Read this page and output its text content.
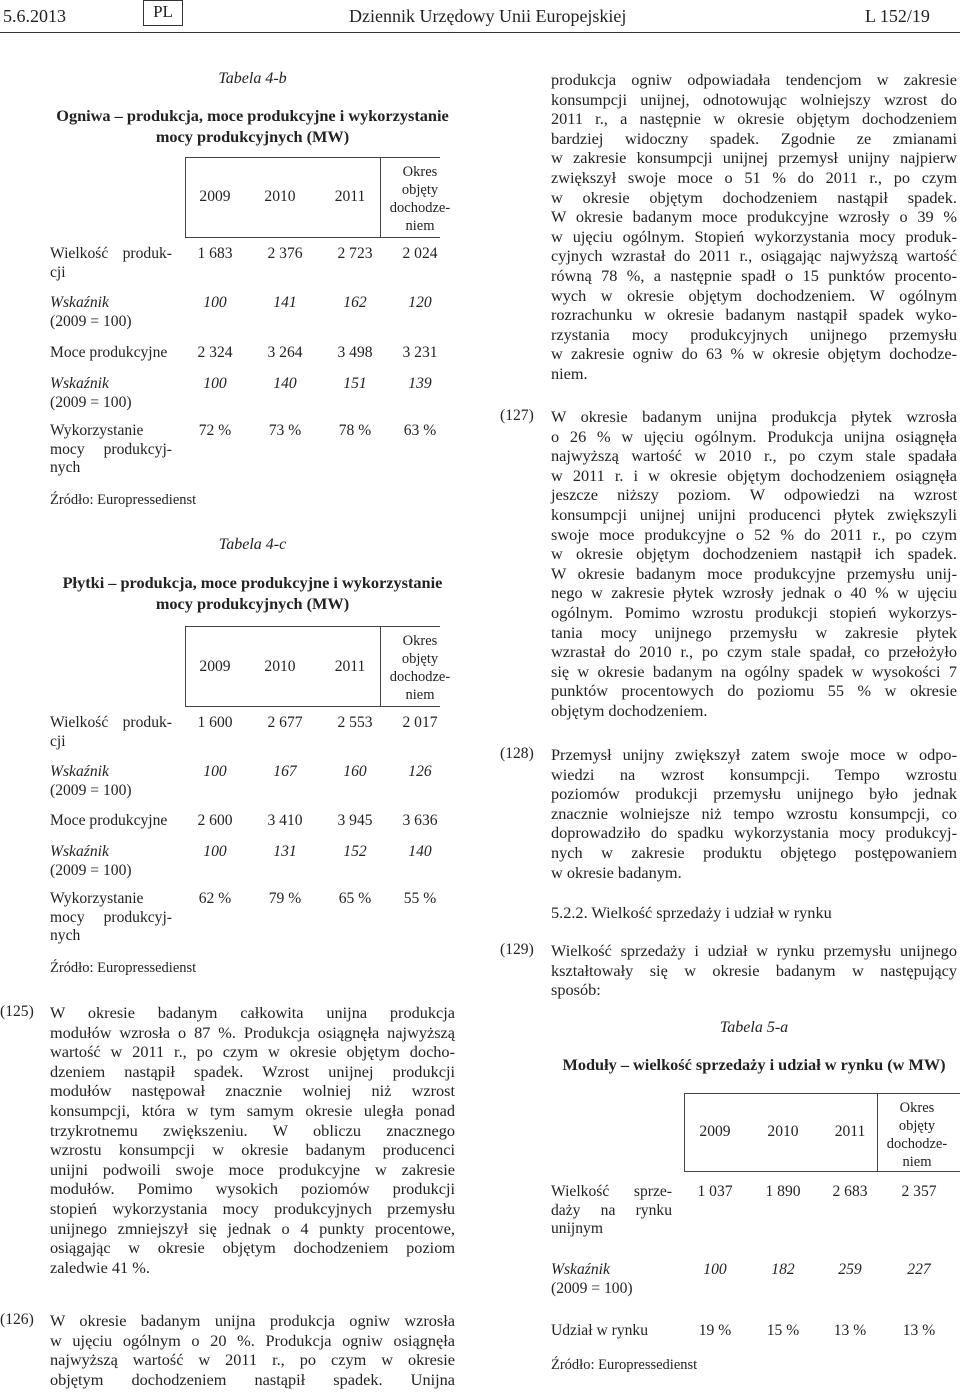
5.6.2013	PL	Dziennik Urzędowy Unii Europejskiej	L 152/19
Tabela 4-b
Ogniwa – produkcja, moce produkcyjne i wykorzystanie
mocy produkcyjnych (MW)
2009	2010	2011
Okres
objęty
dochodze-
niem
Wielkość produk-
cji
1 683	2 376	2 723	2 024
Wskaźnik
(2009 = 100)
100	141	162	120
Moce produkcyjne	2 324	3 264	3 498	3 231
Wskaźnik
(2009 = 100)
100	140	151	139
Wykorzystanie
mocy produkcyj-
nych
72 %	73 %	78 %	63 %
Źródło: Europressedienst
Tabela 4-c
Płytki – produkcja, moce produkcyjne i wykorzystanie
mocy produkcyjnych (MW)
2009	2010	2011
Okres
objęty
dochodze-
niem
Wielkość produk-
cji
1 600	2 677	2 553	2 017
Wskaźnik
(2009 = 100)
100	167	160	126
Moce produkcyjne	2 600	3 410	3 945	3 636
Wskaźnik
(2009 = 100)
100	131	152	140
Wykorzystanie
mocy produkcyj-
nych
62 %	79 %	65 %	55 %
Źródło: Europressedienst
(125) W okresie badanym całkowita unijna produkcja
modułów wzrosła o 87 %. Produkcja osiągnęła najwyższą
wartość w 2011 r., po czym w okresie objętym docho-
dzeniem nastąpił spadek. Wzrost unijnej produkcji
modułów następował znacznie wolniej niż wzrost
konsumpcji, która w tym samym okresie uległa ponad
trzykrotnemu zwiększeniu. W obliczu znacznego
wzrostu konsumpcji w okresie badanym producenci
unijni podwoili swoje moce produkcyjne w zakresie
modułów. Pomimo wysokich poziomów produkcji
stopień wykorzystania mocy produkcyjnych przemysłu
unijnego zmniejszył się jednak o 4 punkty procentowe,
osiągając w okresie objętym dochodzeniem poziom
zaledwie 41 %.
(126) W okresie badanym unijna produkcja ogniw wzrosła
w ujęciu ogólnym o 20 %. Produkcja ogniw osiągnęła
najwyższą wartość w 2011 r., po czym w okresie
objętym dochodzeniem nastąpił spadek. Unijna
produkcja ogniw odpowiadała tendencjom w zakresie
konsumpcji unijnej, odnotowując wolniejszy wzrost do
2011 r., a następnie w okresie objętym dochodzeniem
bardziej widoczny spadek. Zgodnie ze zmianami
w zakresie konsumpcji unijnej przemysł unijny najpierw
zwiększył swoje moce o 51 % do 2011 r., po czym
w okresie objętym dochodzeniem nastąpił spadek.
W okresie badanym moce produkcyjne wzrosły o 39 %
w ujęciu ogólnym. Stopień wykorzystania mocy produk-
cyjnych wzrastał do 2011 r., osiągając najwyższą wartość
równą 78 %, a następnie spadł o 15 punktów procento-
wych w okresie objętym dochodzeniem. W ogólnym
rozrachunku w okresie badanym nastąpił spadek wyko-
rzystania mocy produkcyjnych unijnego przemysłu
w zakresie ogniw do 63 % w okresie objętym dochodze-
niem.
(127) W okresie badanym unijna produkcja płytek wzrosła
o 26 % w ujęciu ogólnym. Produkcja unijna osiągnęła
najwyższą wartość w 2010 r., po czym stale spadała
w 2011 r. i w okresie objętym dochodzeniem osiągnęła
jeszcze niższy poziom. W odpowiedzi na wzrost
konsumpcji unijnej unijni producenci płytek zwiększyli
swoje moce produkcyjne o 52 % do 2011 r., po czym
w okresie objętym dochodzeniem nastąpił ich spadek.
W okresie badanym moce produkcyjne przemysłu unij-
nego w zakresie płytek wzrosły jednak o 40 % w ujęciu
ogólnym. Pomimo wzrostu produkcji stopień wykorzys-
tania mocy unijnego przemysłu w zakresie płytek
wzrastał do 2010 r., po czym stale spadał, co przełożyło
się w okresie badanym na ogólny spadek w wysokości 7
punktów procentowych do poziomu 55 % w okresie
objętym dochodzeniem.
(128) Przemysł unijny zwiększył zatem swoje moce w odpo-
wiedzi na wzrost konsumpcji. Tempo wzrostu
poziomów produkcji przemysłu unijnego było jednak
znacznie wolniejsze niż tempo wzrostu konsumpcji, co
doprowadziło do spadku wykorzystania mocy produkcyj-
nych w zakresie produktu objętego postępowaniem
w okresie badanym.
5.2.2. Wielkość sprzedaży i udział w rynku
(129) Wielkość sprzedaży i udział w rynku przemysłu unijnego
kształtowały się w okresie badanym w następujący
sposób:
Tabela 5-a
Moduły – wielkość sprzedaży i udział w rynku (w MW)
2009	2010	2011
Okres
objęty
dochodze-
niem
Wielkość sprze-
daży na rynku
unijnym
1 037	1 890	2 683	2 357
Wskaźnik
(2009 = 100)
100	182	259	227
Udział w rynku	19 %	15 %	13 %	13 %
Źródło: Europressedienst
